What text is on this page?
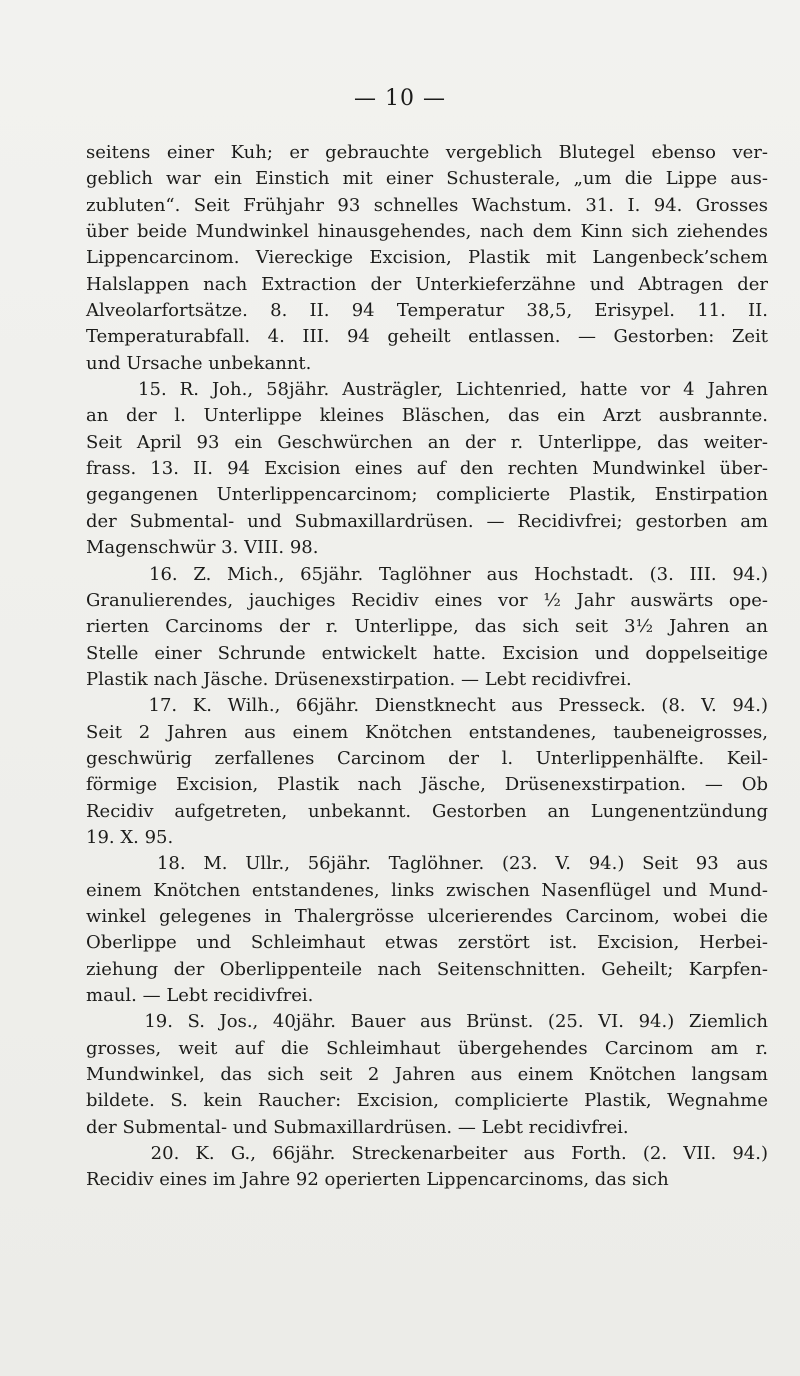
— 10 —
seitens einer Kuh; er gebrauchte vergeblich Blutegel ebenso ver-
geblich war ein Einstich mit einer Schusterale, „um die Lippe aus-
zubluten“. Seit Frühjahr 93 schnelles Wachstum. 31. I. 94. Grosses
über beide Mundwinkel hinausgehendes, nach dem Kinn sich ziehendes
Lippencarcinom. Viereckige Excision, Plastik mit Langenbeck’schem
Halslappen nach Extraction der Unterkieferzähne und Abtragen der
Alveolarfortsätze. 8. II. 94 Temperatur 38,5, Erisypel. 11. II.
Temperaturabfall. 4. III. 94 geheilt entlassen. — Gestorben: Zeit
und Ursache unbekannt.
15. R. Joh., 58jähr. Austrägler, Lichtenried, hatte vor 4 Jahren
an der l. Unterlippe kleines Bläschen, das ein Arzt ausbrannte.
Seit April 93 ein Geschwürchen an der r. Unterlippe, das weiter-
frass. 13. II. 94 Excision eines auf den rechten Mundwinkel über-
gegangenen Unterlippencarcinom; complicierte Plastik, Enstirpation
der Submental- und Submaxillardrüsen. — Recidivfrei; gestorben am
Magenschwür 3. VIII. 98.
16. Z. Mich., 65jähr. Taglöhner aus Hochstadt. (3. III. 94.)
Granulierendes, jauchiges Recidiv eines vor ½ Jahr auswärts ope-
rierten Carcinoms der r. Unterlippe, das sich seit 3½ Jahren an
Stelle einer Schrunde entwickelt hatte. Excision und doppelseitige
Plastik nach Jäsche. Drüsenexstirpation. — Lebt recidivfrei.
17. K. Wilh., 66jähr. Dienstknecht aus Presseck. (8. V. 94.)
Seit 2 Jahren aus einem Knötchen entstandenes, taubeneigrosses,
geschwürig zerfallenes Carcinom der l. Unterlippenhälfte. Keil-
förmige Excision, Plastik nach Jäsche, Drüsenexstirpation. — Ob
Recidiv aufgetreten, unbekannt. Gestorben an Lungenentzündung
19. X. 95.
18. M. Ullr., 56jähr. Taglöhner. (23. V. 94.) Seit 93 aus
einem Knötchen entstandenes, links zwischen Nasenflügel und Mund-
winkel gelegenes in Thalergrösse ulcerierendes Carcinom, wobei die
Oberlippe und Schleimhaut etwas zerstört ist. Excision, Herbei-
ziehung der Oberlippenteile nach Seitenschnitten. Geheilt; Karpfen-
maul. — Lebt recidivfrei.
19. S. Jos., 40jähr. Bauer aus Brünst. (25. VI. 94.) Ziemlich
grosses, weit auf die Schleimhaut übergehendes Carcinom am r.
Mundwinkel, das sich seit 2 Jahren aus einem Knötchen langsam
bildete. S. kein Raucher: Excision, complicierte Plastik, Wegnahme
der Submental- und Submaxillardrüsen. — Lebt recidivfrei.
20. K. G., 66jähr. Streckenarbeiter aus Forth. (2. VII. 94.)
Recidiv eines im Jahre 92 operierten Lippencarcinoms, das sich
